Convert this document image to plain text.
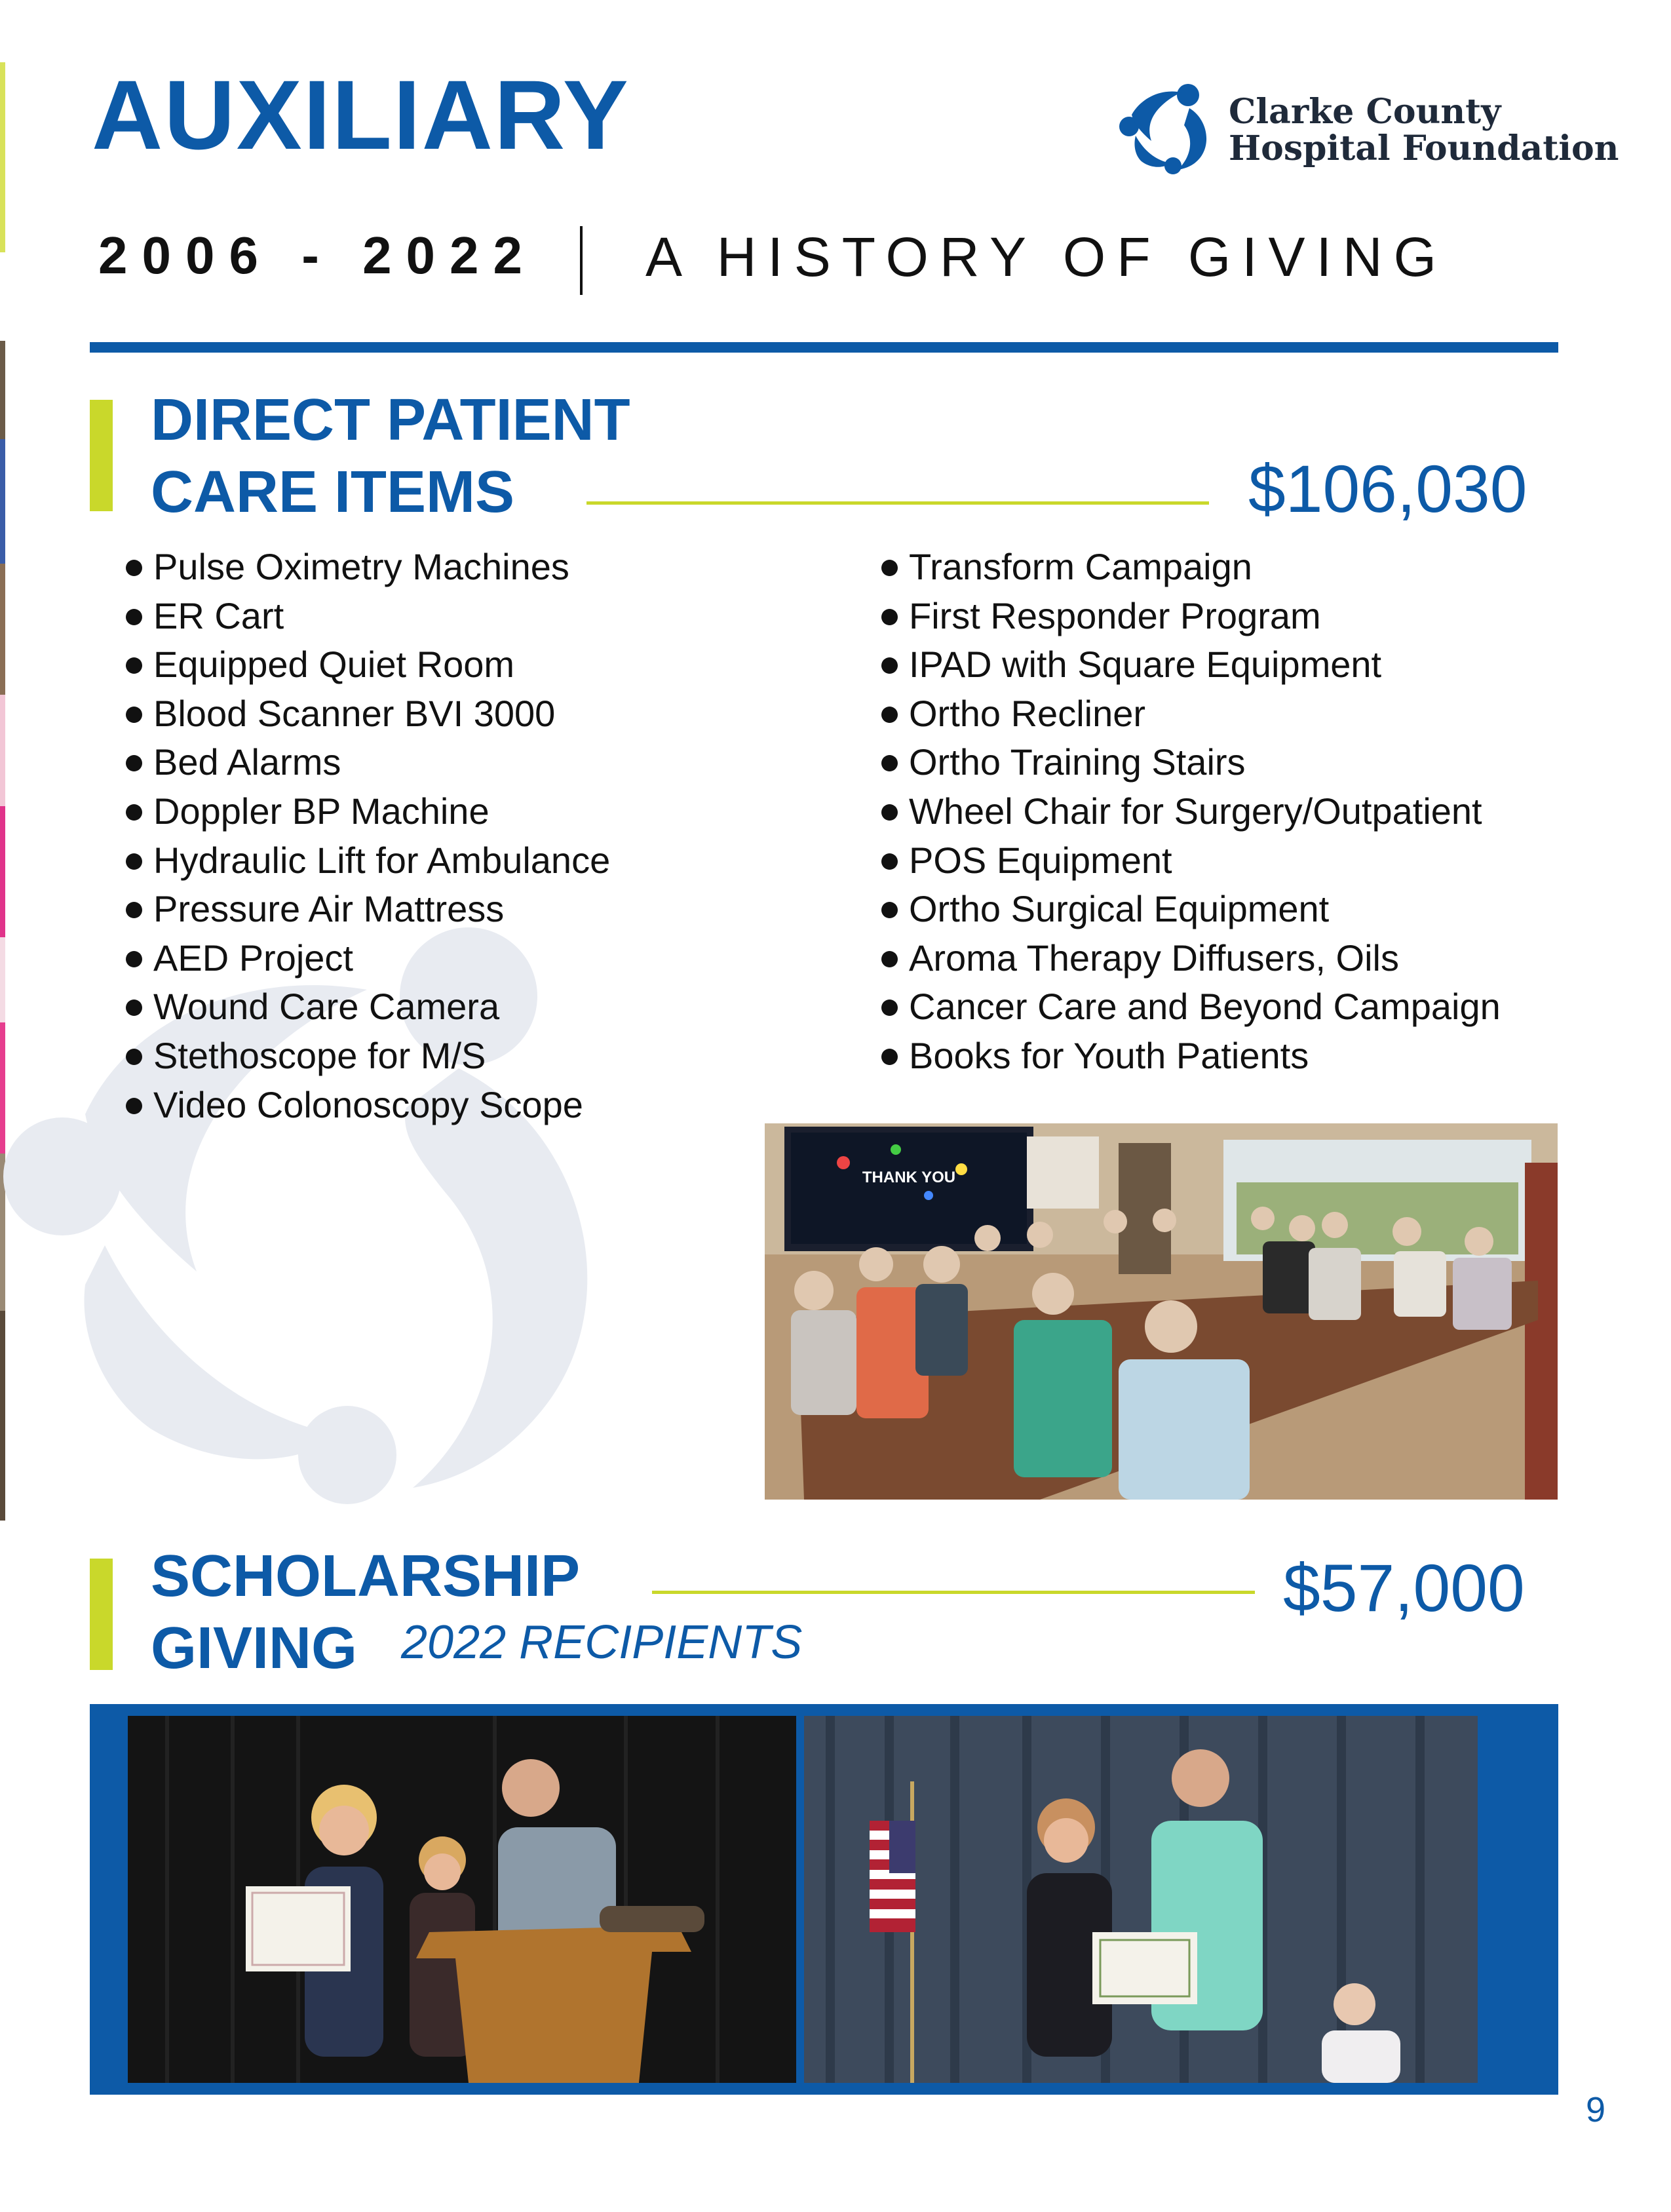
AUXILIARY	Clarke County
Hospital Foundation
2006 - 2022 A HISTORY OF GIVING
DIRECT PATIENT
CARE ITEMS	$106,030
Pulse Oximetry Machines
ER Cart
Equipped Quiet Room
Blood Scanner BVI 3000
Bed Alarms
Doppler BP Machine
Hydraulic Lift for Ambulance
Pressure Air Mattress
AED Project
Wound Care Camera
Stethoscope for M/S
Video Colonoscopy Scope
Transform Campaign
First Responder Program
IPAD with Square Equipment
Ortho Recliner
Ortho Training Stairs
Wheel Chair for Surgery/Outpatient
POS Equipment
Ortho Surgical Equipment
Aroma Therapy Diffusers, Oils
Cancer Care and Beyond Campaign
Books for Youth Patients
THANK YOU
SCHOLARSHIP
GIVING 2022 RECIPIENTS
$57,000
9
